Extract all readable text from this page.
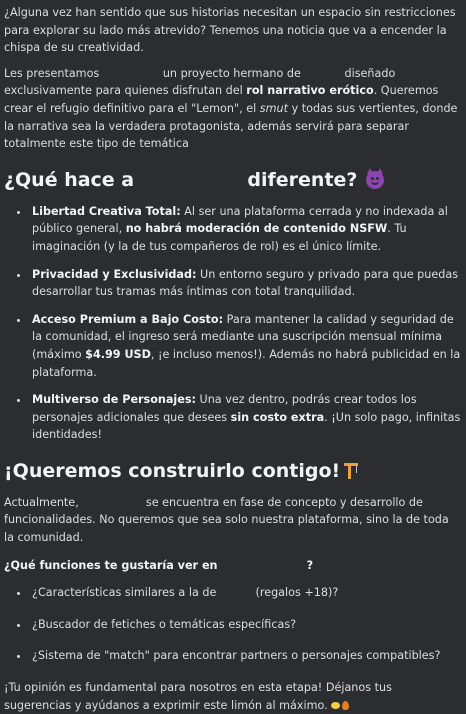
¿Alguna vez han sentido que sus historias necesitan un espacio sin restricciones para explorar su lado más atrevido? Tenemos una noticia que va a encender la chispa de su creatividad.

Les presentamos	un proyecto hermano de	diseñado exclusivamente para quienes disfrutan del rol narrativo erótico. Queremos crear el refugio definitivo para el "Lemon", el smut y todas sus vertientes, donde la narrativa sea la verdadera protagonista, además servirá para separar totalmente este tipo de temática

¿Qué hace a	diferente?
• Libertad Creativa Total: Al ser una plataforma cerrada y no indexada al público general, no habrá moderación de contenido NSFW. Tu imaginación (y la de tus compañeros de rol) es el único límite.
• Privacidad y Exclusividad: Un entorno seguro y privado para que puedas desarrollar tus tramas más íntimas con total tranquilidad.
• Acceso Premium a Bajo Costo: Para mantener la calidad y seguridad de la comunidad, el ingreso será mediante una suscripción mensual mínima (máximo $4.99 USD, ¡e incluso menos!). Además no habrá publicidad en la plataforma.
• Multiverso de Personajes: Una vez dentro, podrás crear todos los personajes adicionales que desees sin costo extra. ¡Un solo pago, infinitas identidades!
¡Queremos construirlo contigo!

Actualmente,	se encuentra en fase de concepto y desarrollo de funcionalidades. No queremos que sea solo nuestra plataforma, sino la de toda la comunidad.

¿Qué funciones te gustaría ver en	?

• ¿Características similares a la de	(regalos +18)?
• ¿Buscador de fetiches o temáticas específicas?
• ¿Sistema de "match" para encontrar partners o personajes compatibles?

¡Tu opinión es fundamental para nosotros en esta etapa! Déjanos tus sugerencias y ayúdanos a exprimir este limón al máximo.
